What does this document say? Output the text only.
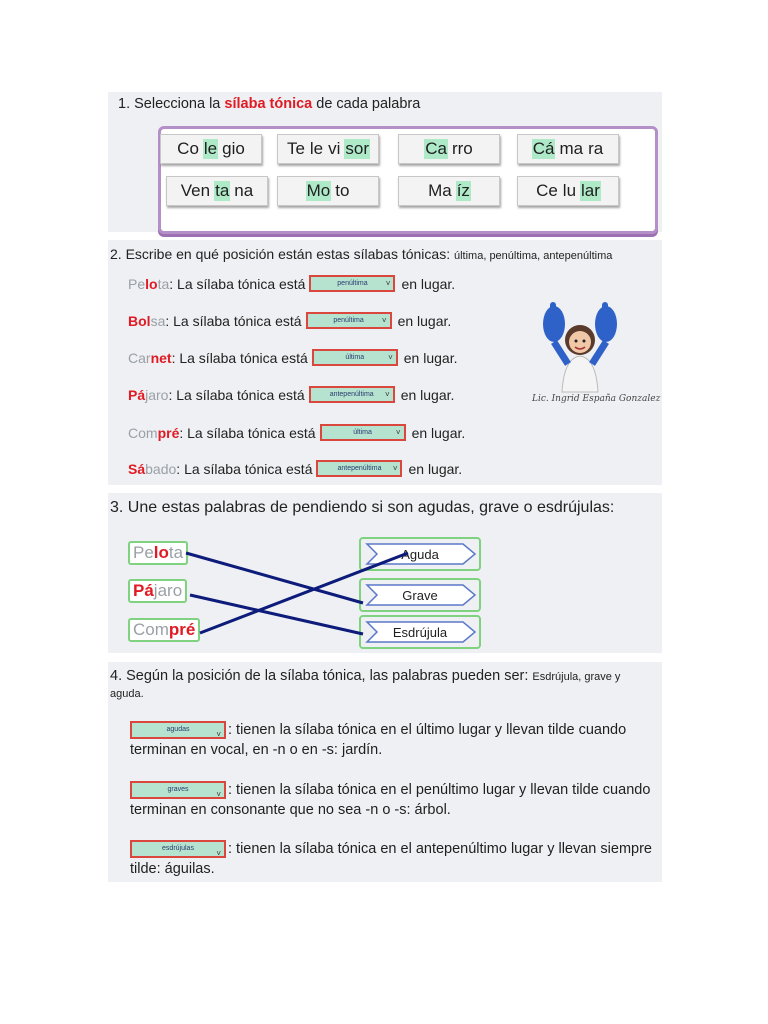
1. Selecciona la sílaba tónica de cada palabra
Co le gio Te le vi sor	Ca rro	Cá ma ra
Ven ta na	Mo to	Ma íz	Ce lu lar
2. Escribe en qué posición están estas sílabas tónicas: última, penúltima, antepenúltima
Pelota : La sílaba tónica está	penúltima ˅ en lugar.
Bolsa : La sílaba tónica está	penúltima ˅ en lugar.
Carnet : La sílaba tónica está	última	˅ en lugar.
Pájaro : La sílaba tónica está	antepenúltima ˅ en lugar.
Compré : La sílaba tónica está	última	˅ en lugar.
Sábado : La sílaba tónica está	antepenúltima ˅ en lugar.
Lic. Ingrid España Gonzalez
3. Une estas palabras de pendiendo si son agudas, grave o esdrújulas:
Pe lo ta
Pá jaro
Com pré
Aguda
Grave
Esdrújula
4. Según la posición de la sílaba tónica, las palabras pueden ser: Esdrújula, grave y aguda.
agudas
˅ : tienen la sílaba tónica en el último lugar y llevan tilde cuando terminan en vocal, en -n o en -s: jardín.
graves
˅ : tienen la sílaba tónica en el penúltimo lugar y llevan tilde cuando terminan en consonante que no sea -n o -s: árbol.
esdrújulas
˅ : tienen la sílaba tónica en el antepenúltimo lugar y llevan siempre tilde: águilas.
